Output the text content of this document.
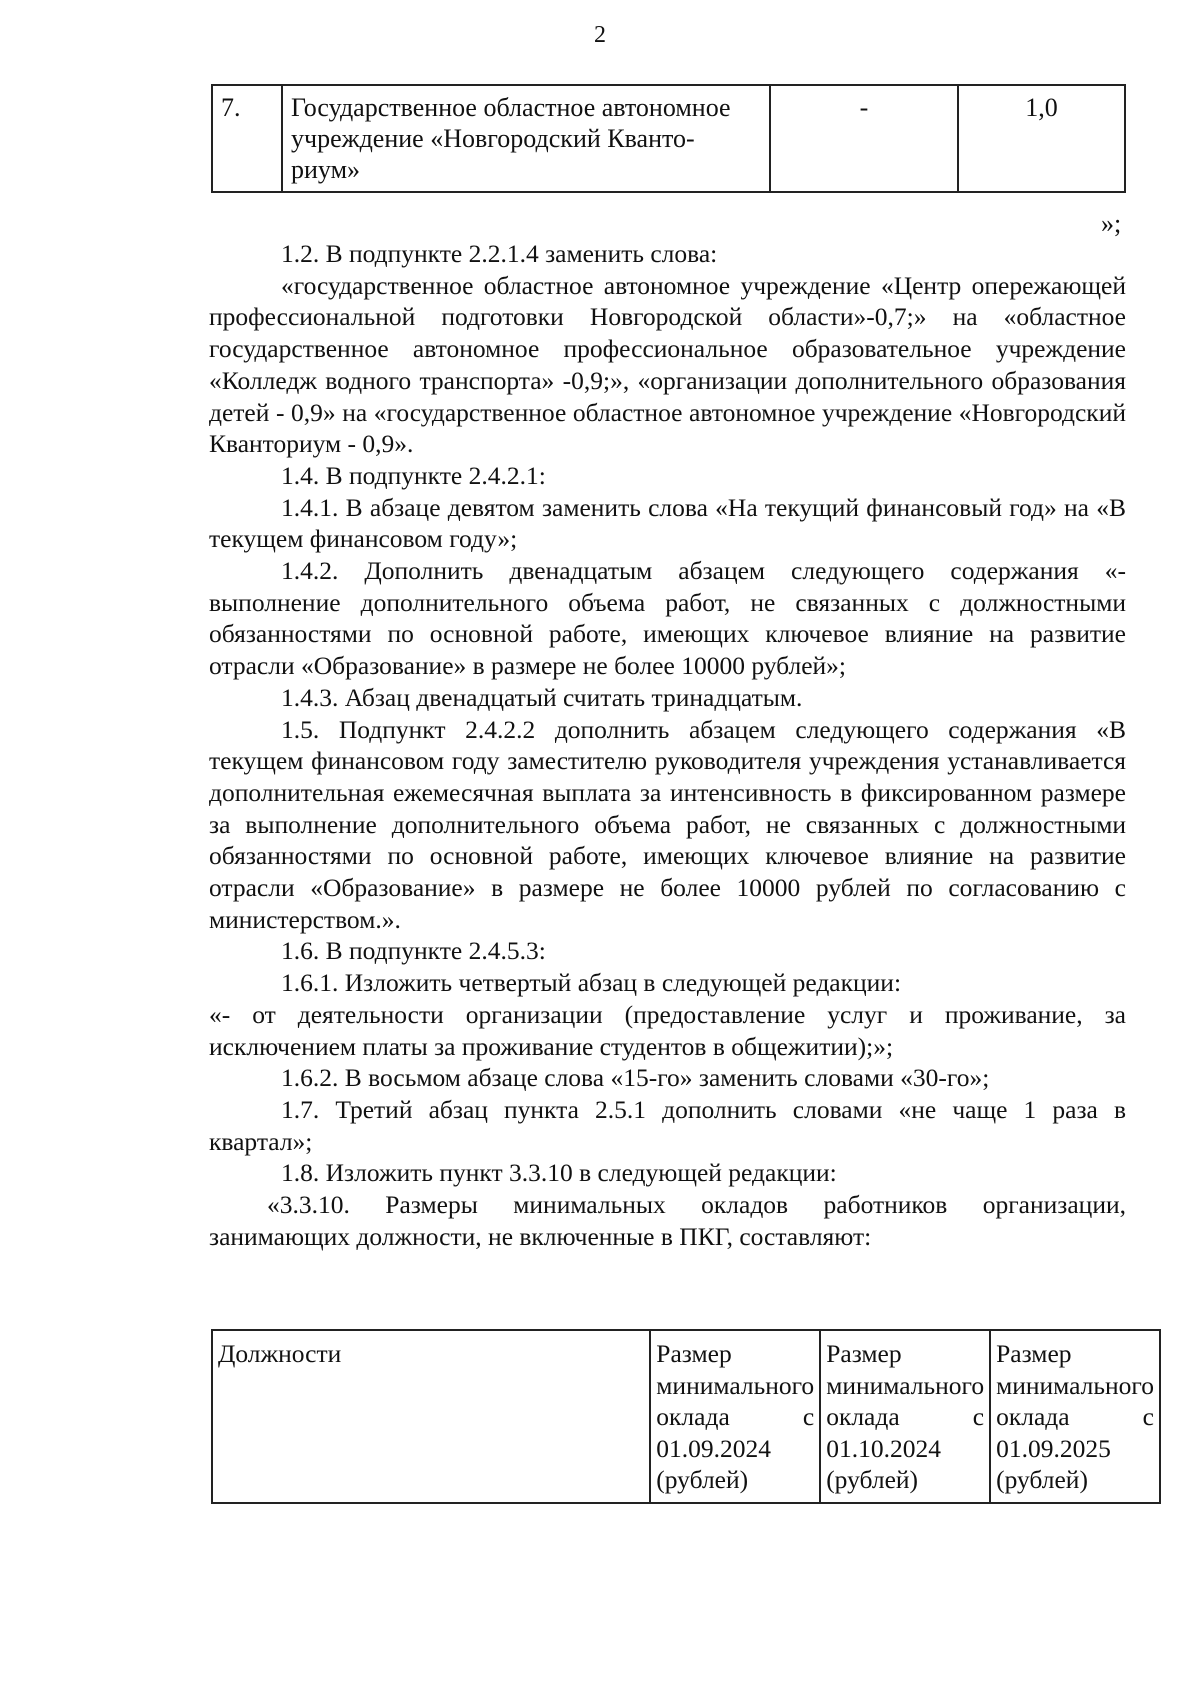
2
7.	Государственное областное автономное учреждение «Новгородский Кванто-риум»	-	1,0
»;

1.2. В подпункте 2.2.1.4 заменить слова:

«государственное областное автономное учреждение «Центр опережающей профессиональной подготовки Новгородской области»-0,7;» на «областное государственное автономное профессиональное образовательное учреждение «Колледж водного транспорта» -0,9;», «организации дополнительного образования детей - 0,9» на «государственное областное автономное учреждение «Новгородский Кванториум - 0,9».

1.4. В подпункте 2.4.2.1:

1.4.1. В абзаце девятом заменить слова «На текущий финансовый год» на «В текущем финансовом году»;

1.4.2. Дополнить двенадцатым абзацем следующего содержания «- выполнение дополнительного объема работ, не связанных с должностными обязанностями по основной работе, имеющих ключевое влияние на развитие отрасли «Образование» в размере не более 10000 рублей»;

1.4.3. Абзац двенадцатый считать тринадцатым.

1.5. Подпункт 2.4.2.2 дополнить абзацем следующего содержания «В текущем финансовом году заместителю руководителя учреждения устанавливается дополнительная ежемесячная выплата за интенсивность в фиксированном размере за выполнение дополнительного объема работ, не связанных с должностными обязанностями по основной работе, имеющих ключевое влияние на развитие отрасли «Образование» в размере не более 10000 рублей по согласованию с министерством.».

1.6. В подпункте 2.4.5.3:

1.6.1. Изложить четвертый абзац в следующей редакции:

«- от деятельности организации (предоставление услуг и проживание, за исключением платы за проживание студентов в общежитии);»;

1.6.2. В восьмом абзаце слова «15-го» заменить словами «30-го»;

1.7. Третий абзац пункта 2.5.1 дополнить словами «не чаще 1 раза в квартал»;

1.8. Изложить пункт 3.3.10 в следующей редакции:

«3.3.10. Размеры минимальных окладов работников организации, занимающих должности, не включенные в ПКГ, составляют:

Должности	Размер минимального оклада с 01.09.2024 (рублей)	Размер минимального оклада с 01.10.2024 (рублей)	Размер минимального оклада с 01.09.2025 (рублей)
